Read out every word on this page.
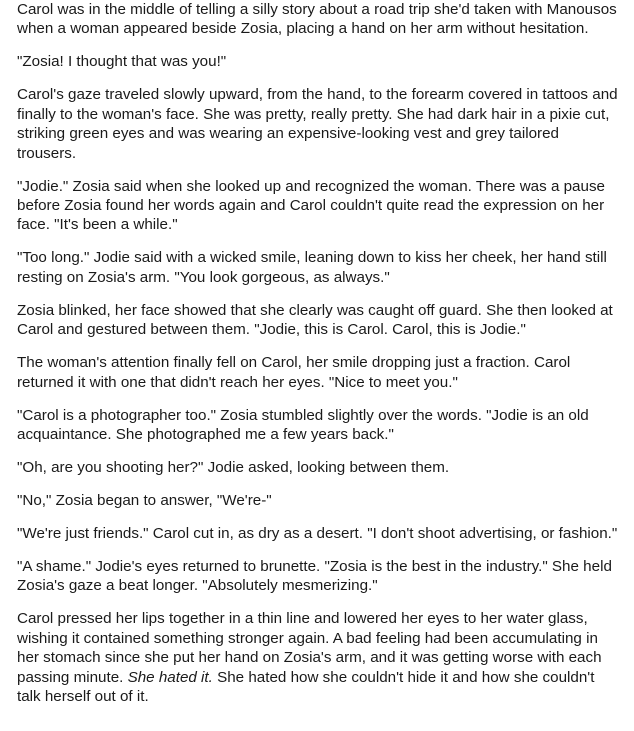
Carol was in the middle of telling a silly story about a road trip she'd taken with Manousos when a woman appeared beside Zosia, placing a hand on her arm without hesitation.

"Zosia! I thought that was you!"

Carol's gaze traveled slowly upward, from the hand, to the forearm covered in tattoos and finally to the woman's face. She was pretty, really pretty. She had dark hair in a pixie cut, striking green eyes and was wearing an expensive-looking vest and grey tailored trousers.

"Jodie." Zosia said when she looked up and recognized the woman. There was a pause before Zosia found her words again and Carol couldn't quite read the expression on her face. "It's been a while."

"Too long." Jodie said with a wicked smile, leaning down to kiss her cheek, her hand still resting on Zosia's arm. "You look gorgeous, as always."

Zosia blinked, her face showed that she clearly was caught off guard. She then looked at Carol and gestured between them. "Jodie, this is Carol. Carol, this is Jodie."

The woman's attention finally fell on Carol, her smile dropping just a fraction. Carol returned it with one that didn't reach her eyes. "Nice to meet you."

"Carol is a photographer too." Zosia stumbled slightly over the words. "Jodie is an old acquaintance. She photographed me a few years back."

"Oh, are you shooting her?" Jodie asked, looking between them.

"No," Zosia began to answer, "We're-"

"We're just friends." Carol cut in, as dry as a desert. "I don't shoot advertising, or fashion."

"A shame." Jodie's eyes returned to brunette. "Zosia is the best in the industry." She held Zosia's gaze a beat longer. "Absolutely mesmerizing."

Carol pressed her lips together in a thin line and lowered her eyes to her water glass, wishing it contained something stronger again. A bad feeling had been accumulating in her stomach since she put her hand on Zosia's arm, and it was getting worse with each passing minute. She hated it. She hated how she couldn't hide it and how she couldn't talk herself out of it.
